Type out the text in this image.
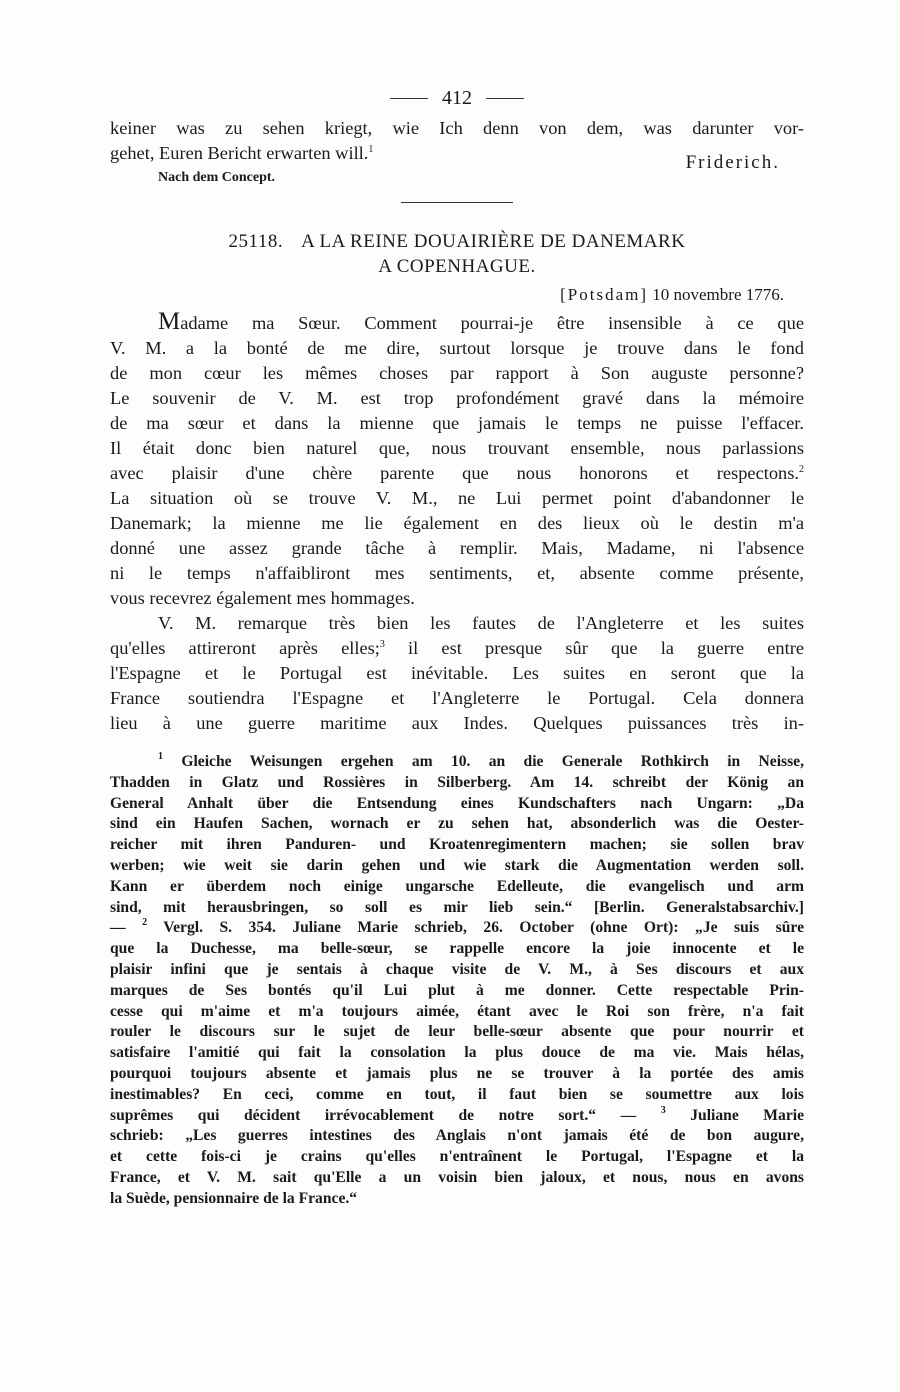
412
keiner was zu sehen kriegt, wie Ich denn von dem, was darunter vor-
gehet, Euren Bericht erwarten will.$^1$
Friderich.
Nach dem Concept.
25118. A LA REINE DOUAIRIÈRE DE DANEMARK
A COPENHAGUE.
[Potsdam] 10 novembre 1776.
Madame ma Sœur. Comment pourrai-je être insensible à ce que
V. M. a la bonté de me dire, surtout lorsque je trouve dans le fond
de mon cœur les mêmes choses par rapport à Son auguste personne?
Le souvenir de V. M. est trop profondément gravé dans la mémoire
de ma sœur et dans la mienne que jamais le temps ne puisse l'effacer.
Il était donc bien naturel que, nous trouvant ensemble, nous parlassions
avec plaisir d'une chère parente que nous honorons et respectons.$^2$
La situation où se trouve V. M., ne Lui permet point d'abandonner le
Danemark; la mienne me lie également en des lieux où le destin m'a
donné une assez grande tâche à remplir. Mais, Madame, ni l'absence
ni le temps n'affaibliront mes sentiments, et, absente comme présente,
vous recevrez également mes hommages.
V. M. remarque très bien les fautes de l'Angleterre et les suites
qu'elles attireront après elles;$^3$ il est presque sûr que la guerre entre
l'Espagne et le Portugal est inévitable. Les suites en seront que la
France soutiendra l'Espagne et l'Angleterre le Portugal. Cela donnera
lieu à une guerre maritime aux Indes. Quelques puissances très in-
$^1$ Gleiche Weisungen ergehen am 10. an die Generale Rothkirch in Neisse,
Thadden in Glatz und Rossières in Silberberg. Am 14. schreibt der König an
General Anhalt über die Entsendung eines Kundschafters nach Ungarn: „Da
sind ein Haufen Sachen, wornach er zu sehen hat, absonderlich was die Oester-
reicher mit ihren Panduren- und Kroatenregimentern machen; sie sollen brav
werben; wie weit sie darin gehen und wie stark die Augmentation werden soll.
Kann er überdem noch einige ungarsche Edelleute, die evangelisch und arm
sind, mit herausbringen, so soll es mir lieb sein.“ [Berlin. Generalstabsarchiv.]
— $^2$ Vergl. S. 354. Juliane Marie schrieb, 26. October (ohne Ort): „Je suis sûre
que la Duchesse, ma belle-sœur, se rappelle encore la joie innocente et le
plaisir infini que je sentais à chaque visite de V. M., à Ses discours et aux
marques de Ses bontés qu'il Lui plut à me donner. Cette respectable Prin-
cesse qui m'aime et m'a toujours aimée, étant avec le Roi son frère, n'a fait
rouler le discours sur le sujet de leur belle-sœur absente que pour nourrir et
satisfaire l'amitié qui fait la consolation la plus douce de ma vie. Mais hélas,
pourquoi toujours absente et jamais plus ne se trouver à la portée des amis
inestimables? En ceci, comme en tout, il faut bien se soumettre aux lois
suprêmes qui décident irrévocablement de notre sort.“ — $^3$ Juliane Marie
schrieb: „Les guerres intestines des Anglais n'ont jamais été de bon augure,
et cette fois-ci je crains qu'elles n'entraînent le Portugal, l'Espagne et la
France, et V. M. sait qu'Elle a un voisin bien jaloux, et nous, nous en avons
la Suède, pensionnaire de la France.“
